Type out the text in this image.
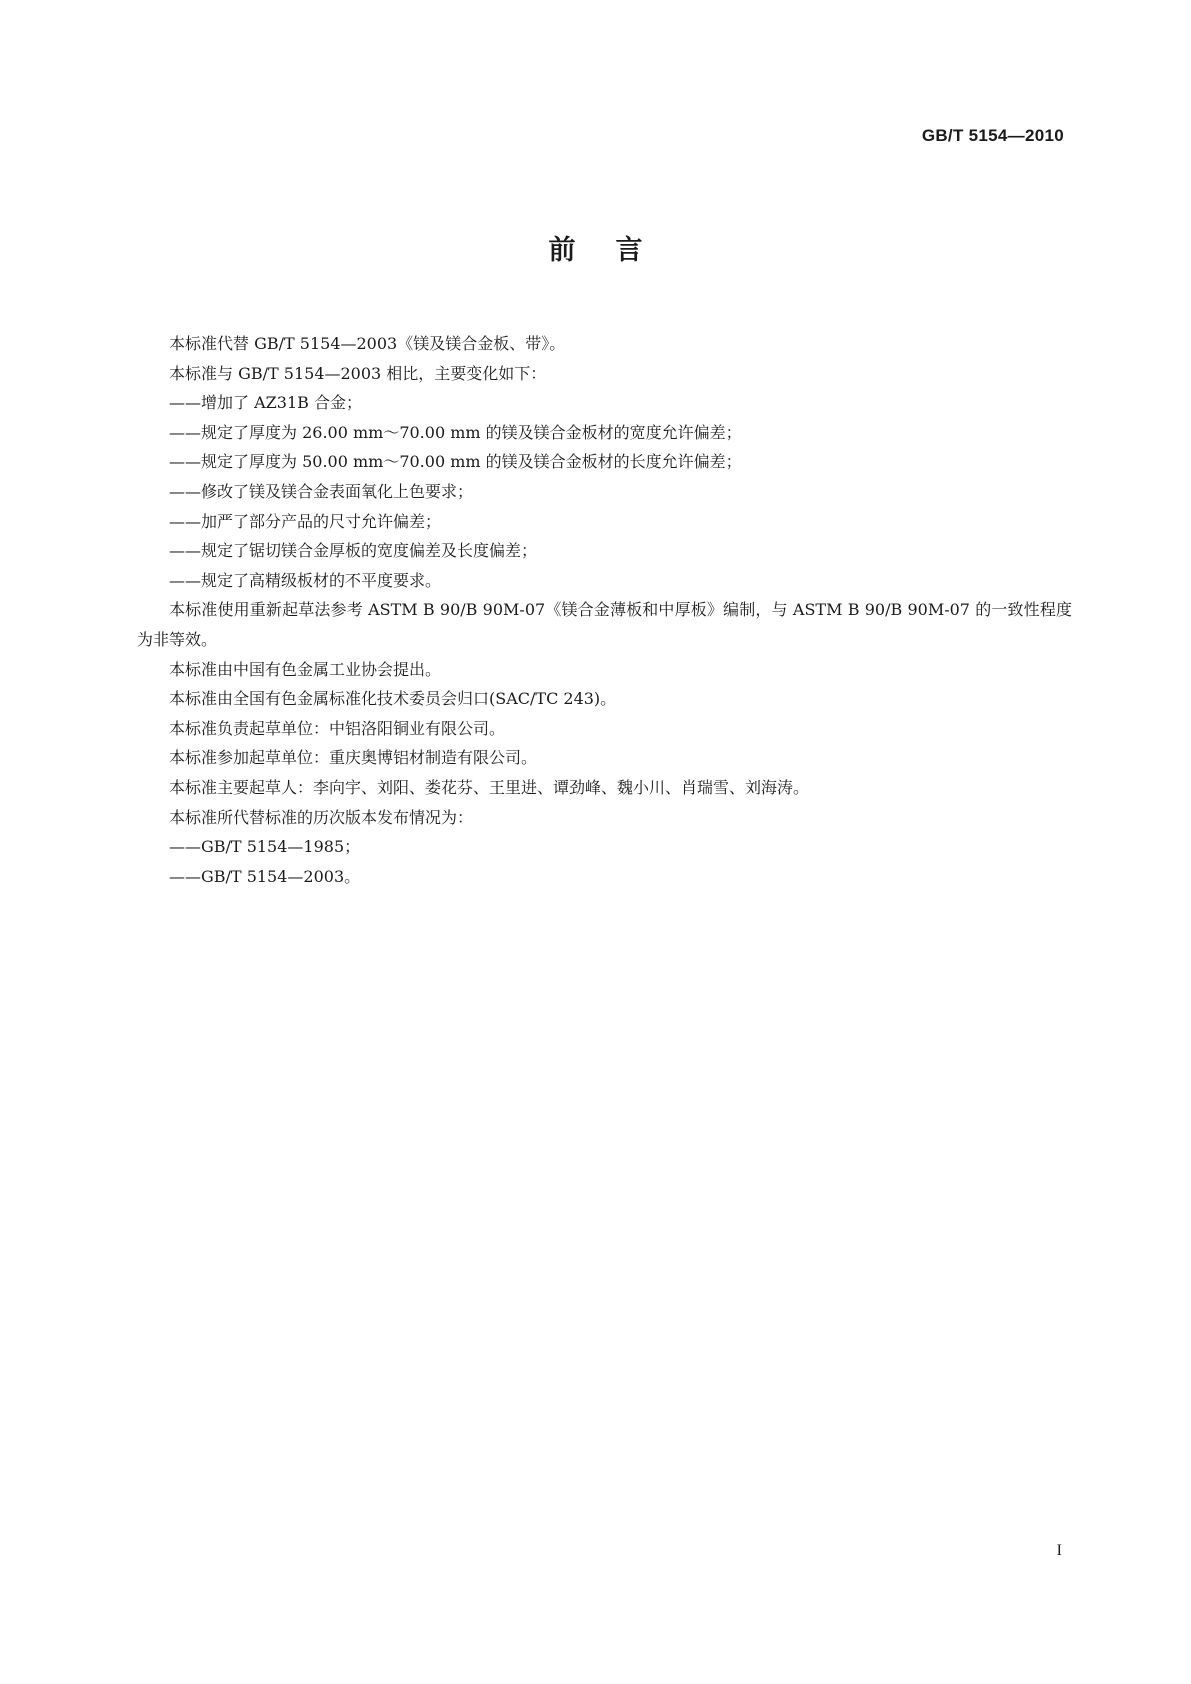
GB/T 5154—2010
前言

本标准代替 GB/T 5154—2003《镁及镁合金板、带》。

本标准与 GB/T 5154—2003 相比，主要变化如下：

——增加了 AZ31B 合金；

——规定了厚度为 26.00 mm～70.00 mm 的镁及镁合金板材的宽度允许偏差；

——规定了厚度为 50.00 mm～70.00 mm 的镁及镁合金板材的长度允许偏差；

——修改了镁及镁合金表面氧化上色要求；

——加严了部分产品的尺寸允许偏差；

——规定了锯切镁合金厚板的宽度偏差及长度偏差；

——规定了高精级板材的不平度要求。

本标准使用重新起草法参考 ASTM B 90/B 90M-07《镁合金薄板和中厚板》编制，与 ASTM B 90/B 90M-07 的一致性程度为非等效。

本标准由中国有色金属工业协会提出。

本标准由全国有色金属标准化技术委员会归口(SAC/TC 243)。

本标准负责起草单位：中铝洛阳铜业有限公司。

本标准参加起草单位：重庆奥博铝材制造有限公司。

本标准主要起草人：李向宇、刘阳、娄花芬、王里进、谭劲峰、魏小川、肖瑞雪、刘海涛。

本标准所代替标准的历次版本发布情况为：

——GB/T 5154—1985；

——GB/T 5154—2003。

I
